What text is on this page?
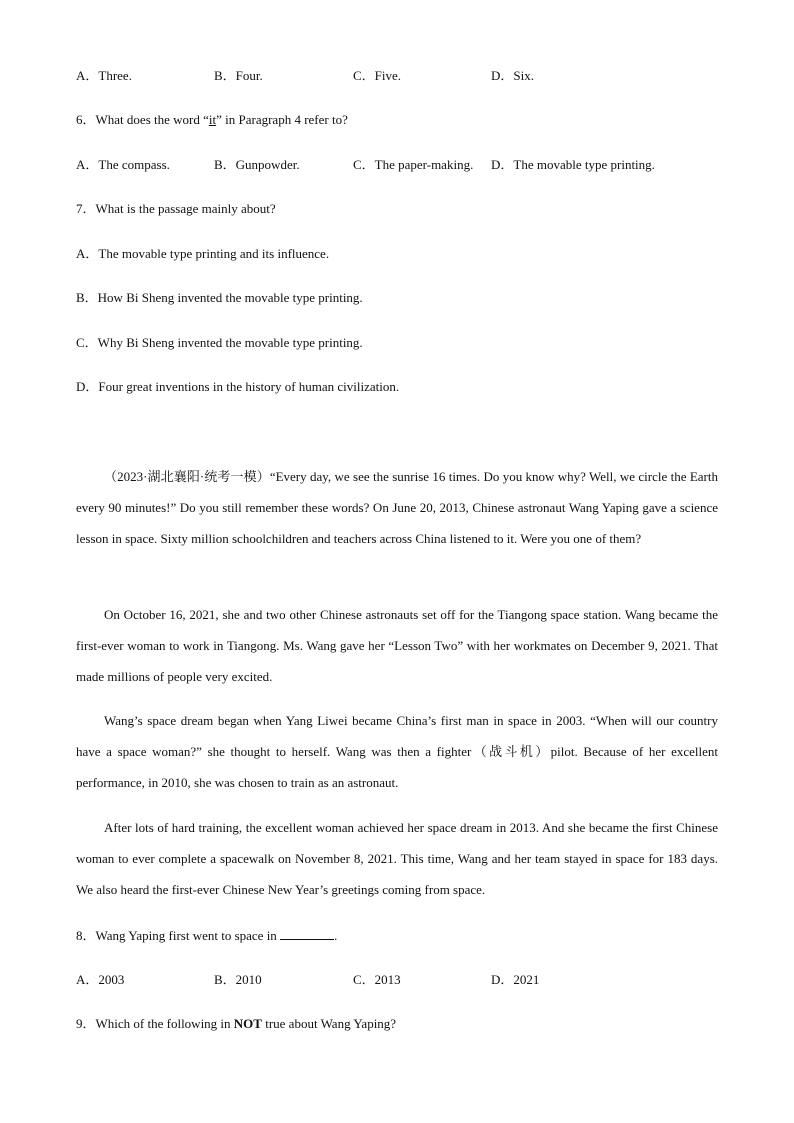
A．Three.	B．Four.	C．Five.	D．Six.
6．What does the word “it” in Paragraph 4 refer to?
A．The compass.	B．Gunpowder.	C．The paper-making. D．The movable type printing.
7．What is the passage mainly about?
A．The movable type printing and its influence.
B．How Bi Sheng invented the movable type printing.
C．Why Bi Sheng invented the movable type printing.
D．Four great inventions in the history of human civilization.
（2023·湖北襄阳·统考一模）“Every day, we see the sunrise 16 times. Do you know why? Well, we circle the Earth every 90 minutes!” Do you still remember these words? On June 20, 2013, Chinese astronaut Wang Yaping gave a science lesson in space. Sixty million schoolchildren and teachers across China listened to it. Were you one of them?
On October 16, 2021, she and two other Chinese astronauts set off for the Tiangong space station. Wang became the first-ever woman to work in Tiangong. Ms. Wang gave her “Lesson Two” with her workmates on December 9, 2021. That made millions of people very excited.
Wang’s space dream began when Yang Liwei became China’s first man in space in 2003. “When will our country have a space woman?” she thought to herself. Wang was then a fighter（战斗机）pilot. Because of her excellent performance, in 2010, she was chosen to train as an astronaut.
After lots of hard training, the excellent woman achieved her space dream in 2013. And she became the first Chinese woman to ever complete a spacewalk on November 8, 2021. This time, Wang and her team stayed in space for 183 days. We also heard the first-ever Chinese New Year’s greetings coming from space.
8．Wang Yaping first went to space in	.
A．2003	B．2010	C．2013	D．2021
9．Which of the following in NOT true about Wang Yaping?
